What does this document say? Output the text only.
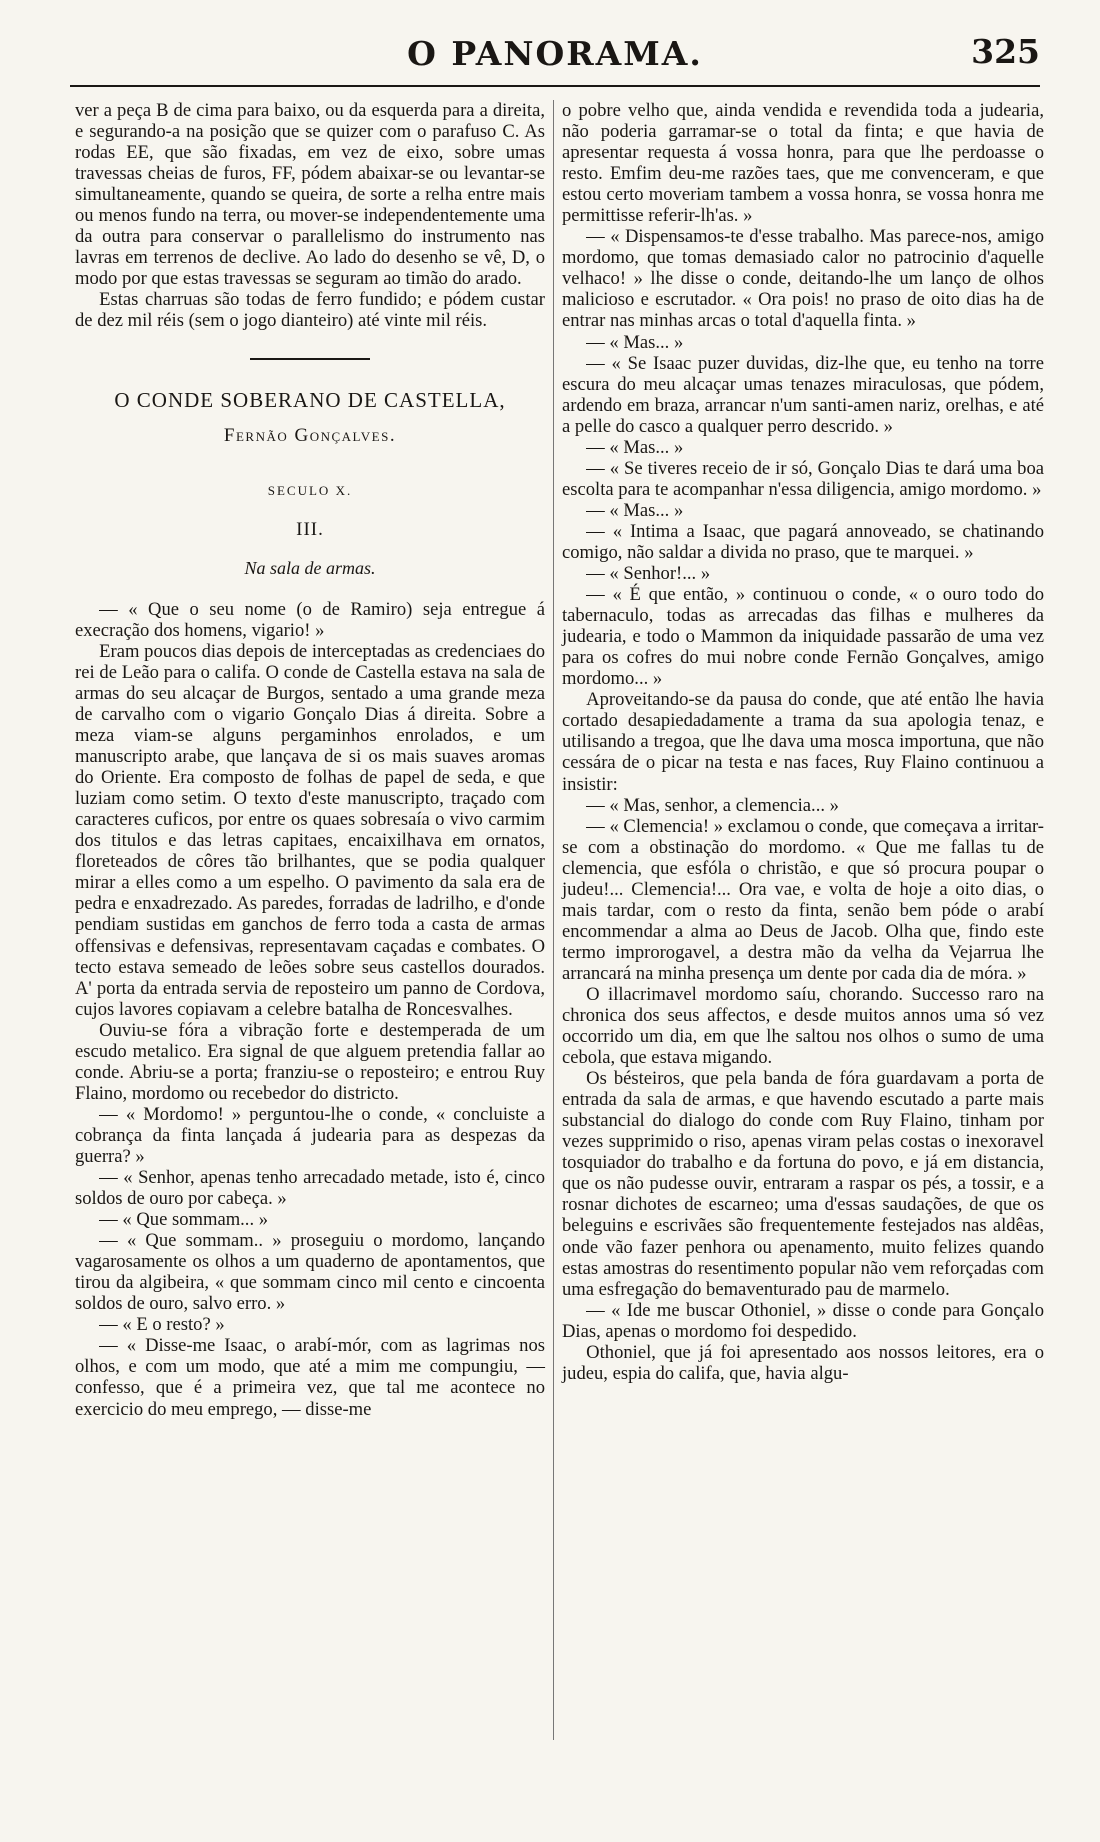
O PANORAMA.	325

ver a peça B de cima para baixo, ou da esquerda para a direita, e segurando-a na posição que se quizer com o parafuso C. As rodas EE, que são fixadas, em vez de eixo, sobre umas travessas cheias de furos, FF, pódem abaixar-se ou levantar-se simultaneamente, quando se queira, de sorte a relha entre mais ou menos fundo na terra, ou mover-se independentemente uma da outra para conservar o parallelismo do instrumento nas lavras em terrenos de declive. Ao lado do desenho se vê, D, o modo por que estas travessas se seguram ao timão do arado.

Estas charruas são todas de ferro fundido; e pódem custar de dez mil réis (sem o jogo dianteiro) até vinte mil réis.

O CONDE SOBERANO DE CASTELLA,
Fernão Gonçalves.
SECULO X.
III.
Na sala de armas.

— « Que o seu nome (o de Ramiro) seja entregue á execração dos homens, vigario! »

Eram poucos dias depois de interceptadas as credenciaes do rei de Leão para o califa. O conde de Castella estava na sala de armas do seu alcaçar de Burgos, sentado a uma grande meza de carvalho com o vigario Gonçalo Dias á direita. Sobre a meza viam-se alguns pergaminhos enrolados, e um manuscripto arabe, que lançava de si os mais suaves aromas do Oriente. Era composto de folhas de papel de seda, e que luziam como setim. O texto d'este manuscripto, traçado com caracteres cuficos, por entre os quaes sobresaía o vivo carmim dos titulos e das letras capitaes, encaixilhava em ornatos, floreteados de côres tão brilhantes, que se podia qualquer mirar a elles como a um espelho. O pavimento da sala era de pedra e enxadrezado. As paredes, forradas de ladrilho, e d'onde pendiam sustidas em ganchos de ferro toda a casta de armas offensivas e defensivas, representavam caçadas e combates. O tecto estava semeado de leões sobre seus castellos dourados. A' porta da entrada servia de reposteiro um panno de Cordova, cujos lavores copiavam a celebre batalha de Roncesvalhes.

Ouviu-se fóra a vibração forte e destemperada de um escudo metalico. Era signal de que alguem pretendia fallar ao conde. Abriu-se a porta; franziu-se o reposteiro; e entrou Ruy Flaino, mordomo ou recebedor do districto.

— « Mordomo! » perguntou-lhe o conde, « concluiste a cobrança da finta lançada á judearia para as despezas da guerra? »

— « Senhor, apenas tenho arrecadado metade, isto é, cinco soldos de ouro por cabeça. »

— « Que sommam... »

— « Que sommam.. » proseguiu o mordomo, lançando vagarosamente os olhos a um quaderno de apontamentos, que tirou da algibeira, « que sommam cinco mil cento e cincoenta soldos de ouro, salvo erro. »

— « E o resto? »

— « Disse-me Isaac, o arabí-mór, com as lagrimas nos olhos, e com um modo, que até a mim me compungiu, — confesso, que é a primeira vez, que tal me acontece no exercicio do meu emprego, — disse-me

o pobre velho que, ainda vendida e revendida toda a judearia, não poderia garramar-se o total da finta; e que havia de apresentar requesta á vossa honra, para que lhe perdoasse o resto. Emfim deu-me razões taes, que me convenceram, e que estou certo moveriam tambem a vossa honra, se vossa honra me permittisse referir-lh'as. »

— « Dispensamos-te d'esse trabalho. Mas parece-nos, amigo mordomo, que tomas demasiado calor no patrocinio d'aquelle velhaco! » lhe disse o conde, deitando-lhe um lanço de olhos malicioso e escrutador. « Ora pois! no praso de oito dias ha de entrar nas minhas arcas o total d'aquella finta. »

— « Mas... »

— « Se Isaac puzer duvidas, diz-lhe que, eu tenho na torre escura do meu alcaçar umas tenazes miraculosas, que pódem, ardendo em braza, arrancar n'um santi-amen nariz, orelhas, e até a pelle do casco a qualquer perro descrido. »

— « Mas... »

— « Se tiveres receio de ir só, Gonçalo Dias te dará uma boa escolta para te acompanhar n'essa diligencia, amigo mordomo. »

— « Mas... »

— « Intima a Isaac, que pagará annoveado, se chatinando comigo, não saldar a divida no praso, que te marquei. »

— « Senhor!... »

— « É que então, » continuou o conde, « o ouro todo do tabernaculo, todas as arrecadas das filhas e mulheres da judearia, e todo o Mammon da iniquidade passarão de uma vez para os cofres do mui nobre conde Fernão Gonçalves, amigo mordomo... »

Aproveitando-se da pausa do conde, que até então lhe havia cortado desapiedadamente a trama da sua apologia tenaz, e utilisando a tregoa, que lhe dava uma mosca importuna, que não cessára de o picar na testa e nas faces, Ruy Flaino continuou a insistir:

— « Mas, senhor, a clemencia... »

— « Clemencia! » exclamou o conde, que começava a irritar-se com a obstinação do mordomo. « Que me fallas tu de clemencia, que esfóla o christão, e que só procura poupar o judeu!... Clemencia!... Ora vae, e volta de hoje a oito dias, o mais tardar, com o resto da finta, senão bem póde o arabí encommendar a alma ao Deus de Jacob. Olha que, findo este termo improrogavel, a destra mão da velha da Vejarrua lhe arrancará na minha presença um dente por cada dia de móra. »

O illacrimavel mordomo saíu, chorando. Successo raro na chronica dos seus affectos, e desde muitos annos uma só vez occorrido um dia, em que lhe saltou nos olhos o sumo de uma cebola, que estava migando.

Os bésteiros, que pela banda de fóra guardavam a porta de entrada da sala de armas, e que havendo escutado a parte mais substancial do dialogo do conde com Ruy Flaino, tinham por vezes supprimido o riso, apenas viram pelas costas o inexoravel tosquiador do trabalho e da fortuna do povo, e já em distancia, que os não pudesse ouvir, entraram a raspar os pés, a tossir, e a rosnar dichotes de escarneo; uma d'essas saudações, de que os beleguins e escrivães são frequentemente festejados nas aldêas, onde vão fazer penhora ou apenamento, muito felizes quando estas amostras do resentimento popular não vem reforçadas com uma esfregação do bemaventurado pau de marmelo.

— « Ide me buscar Othoniel, » disse o conde para Gonçalo Dias, apenas o mordomo foi despedido.

Othoniel, que já foi apresentado aos nossos leitores, era o judeu, espia do califa, que, havia algu-
